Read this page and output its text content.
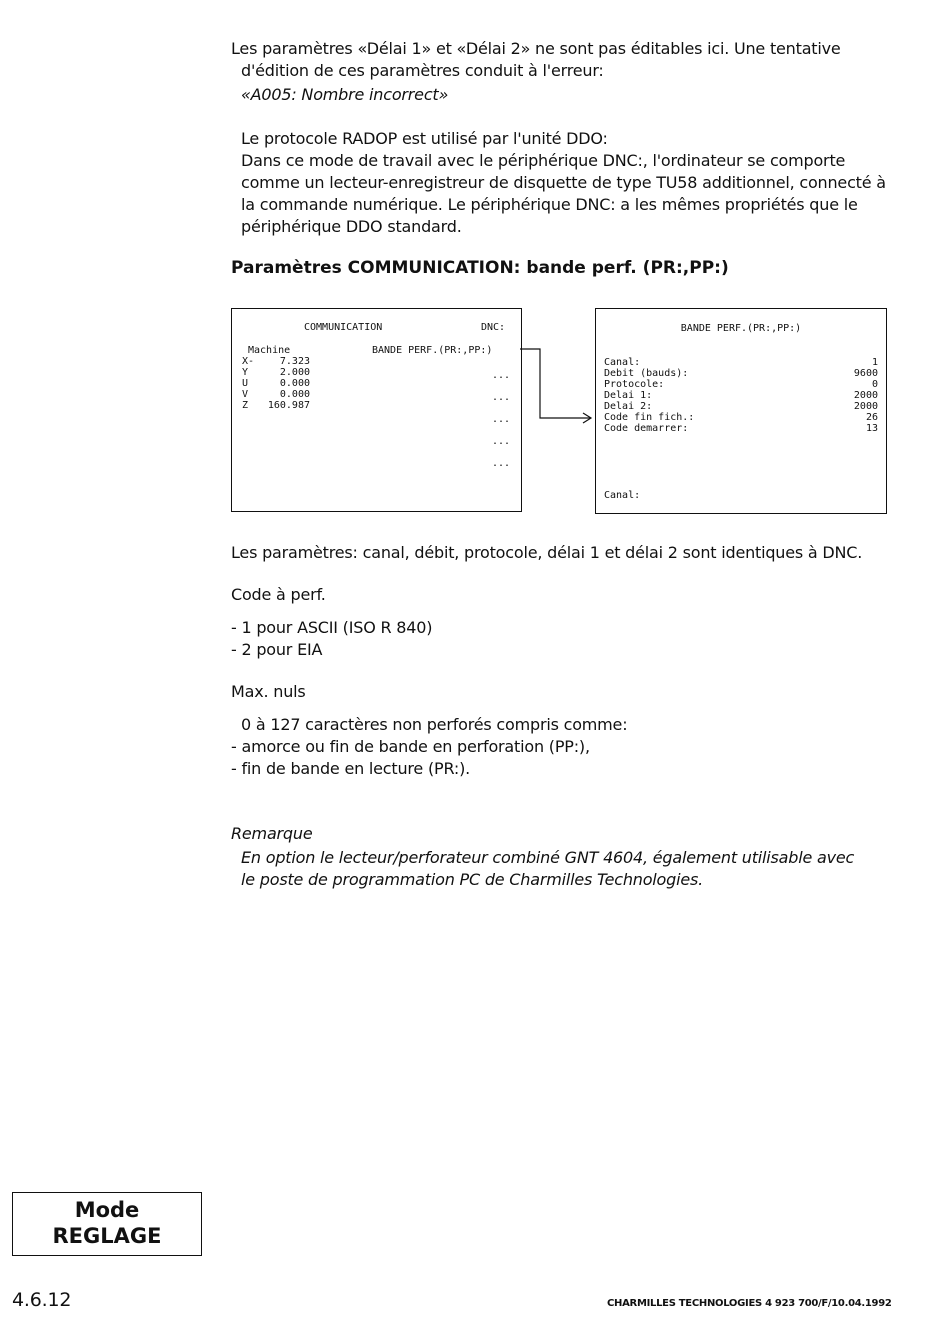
Les paramètres «Délai 1» et «Délai 2» ne sont pas éditables ici. Une tentative
d'édition de ces paramètres conduit à l'erreur:
«A005: Nombre incorrect»
Le protocole RADOP est utilisé par l'unité DDO:
Dans ce mode de travail avec le périphérique DNC:, l'ordinateur se comporte
comme un lecteur-enregistreur de disquette de type TU58 additionnel, connecté à
la commande numérique. Le périphérique DNC: a les mêmes propriétés que le
périphérique DDO standard.
Paramètres COMMUNICATION: bande perf. (PR:,PP:)
COMMUNICATION	DNC:
Machine	BANDE PERF.(PR:,PP:)
X-	7.323
Y	2.000
U	0.000
V	0.000
Z	160.987
...
...
...
...
...
BANDE PERF.(PR:,PP:)
Canal:	1
Debit (bauds):	9600
Protocole:	0
Delai 1:	2000
Delai 2:	2000
Code fin fich.:	26
Code demarrer:	13
Canal:
Les paramètres: canal, débit, protocole, délai 1 et délai 2 sont identiques à DNC.
Code à perf.
- 1 pour ASCII (ISO R 840)
- 2 pour EIA
Max. nuls
0 à 127 caractères non perforés compris comme:
- amorce ou fin de bande en perforation (PP:),
- fin de bande en lecture (PR:).
Remarque
En option le lecteur/perforateur combiné GNT 4604, également utilisable avec
le poste de programmation PC de Charmilles Technologies.
Mode
REGLAGE
4.6.12	CHARMILLES TECHNOLOGIES 4 923 700/F/10.04.1992
